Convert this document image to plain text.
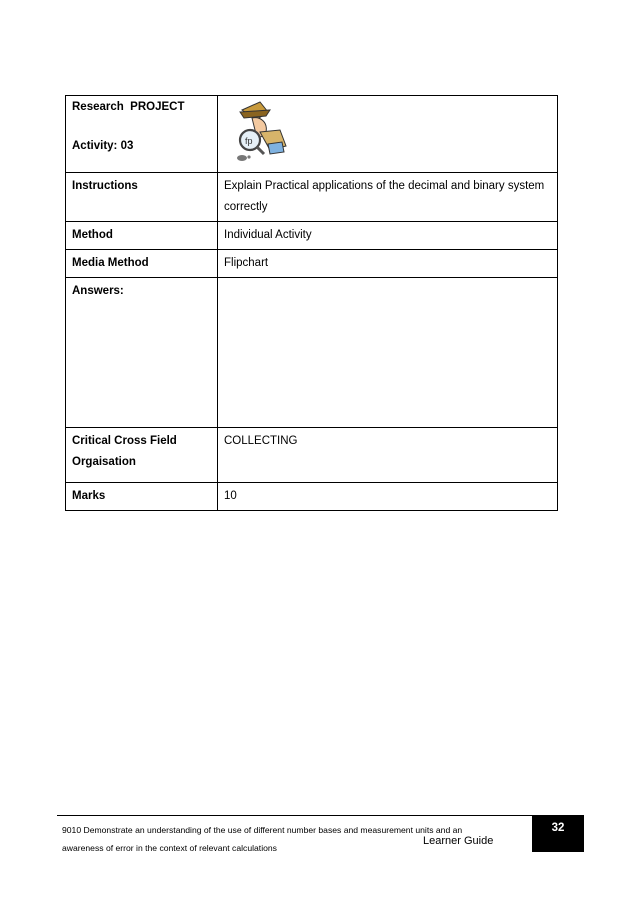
Research  PROJECT
Activity: 03	fp

Instructions	Explain Practical applications of the decimal and binary system correctly
Method	Individual Activity
Media Method	Flipchart
Answers:	

Critical Cross Field
Orgaisation	COLLECTING
Marks	10
9010 Demonstrate an understanding of the use of different number bases and measurement units and an
awareness of error in the context of relevant calculations
Learner Guide
32
